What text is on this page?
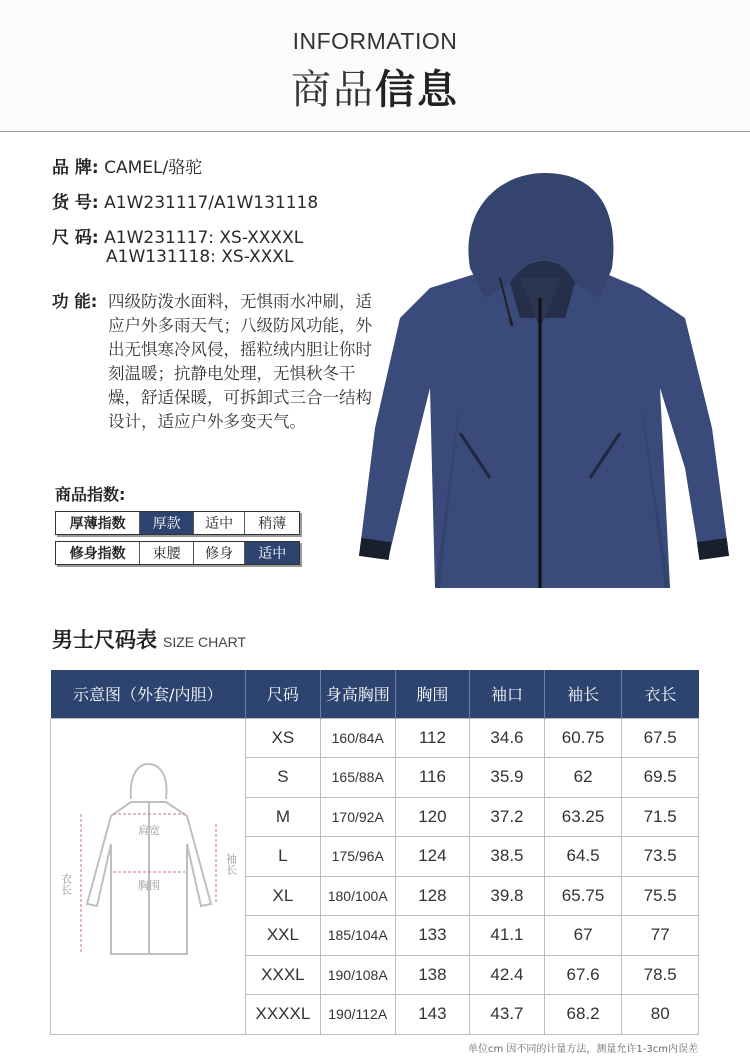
INFORMATION
商品信息
品 牌: CAMEL/骆驼
货 号: A1W231117/A1W131118
尺 码: A1W231117: XS-XXXXL
A1W131118: XS-XXXL
功 能: 四级防泼水面料，无惧雨水冲刷，适应户外多雨天气；八级防风功能，外出无惧寒冷风侵，摇粒绒内胆让你时刻温暖；抗静电处理，无惧秋冬干燥，舒适保暖，可拆卸式三合一结构设计，适应户外多变天气。
商品指数:
厚薄指数	厚款	适中	稍薄
修身指数	束腰	修身	适中
男士尺码表 SIZE CHART
示意图（外套/内胆）	尺码	身高胸围	胸围	袖口	袖长	衣长

肩宽
胸围
衣长
袖长	XS	160/84A	112	34.6	60.75	67.5
	S	165/88A	116	35.9	62	69.5
	M	170/92A	120	37.2	63.25	71.5
	L	175/96A	124	38.5	64.5	73.5
	XL	180/100A	128	39.8	65.75	75.5
	XXL	185/104A	133	41.1	67	77
	XXXL	190/108A	138	42.4	67.6	78.5
	XXXXL	190/112A	143	43.7	68.2	80
单位cm 因不同的计量方法，测量允许1-3cm内误差
